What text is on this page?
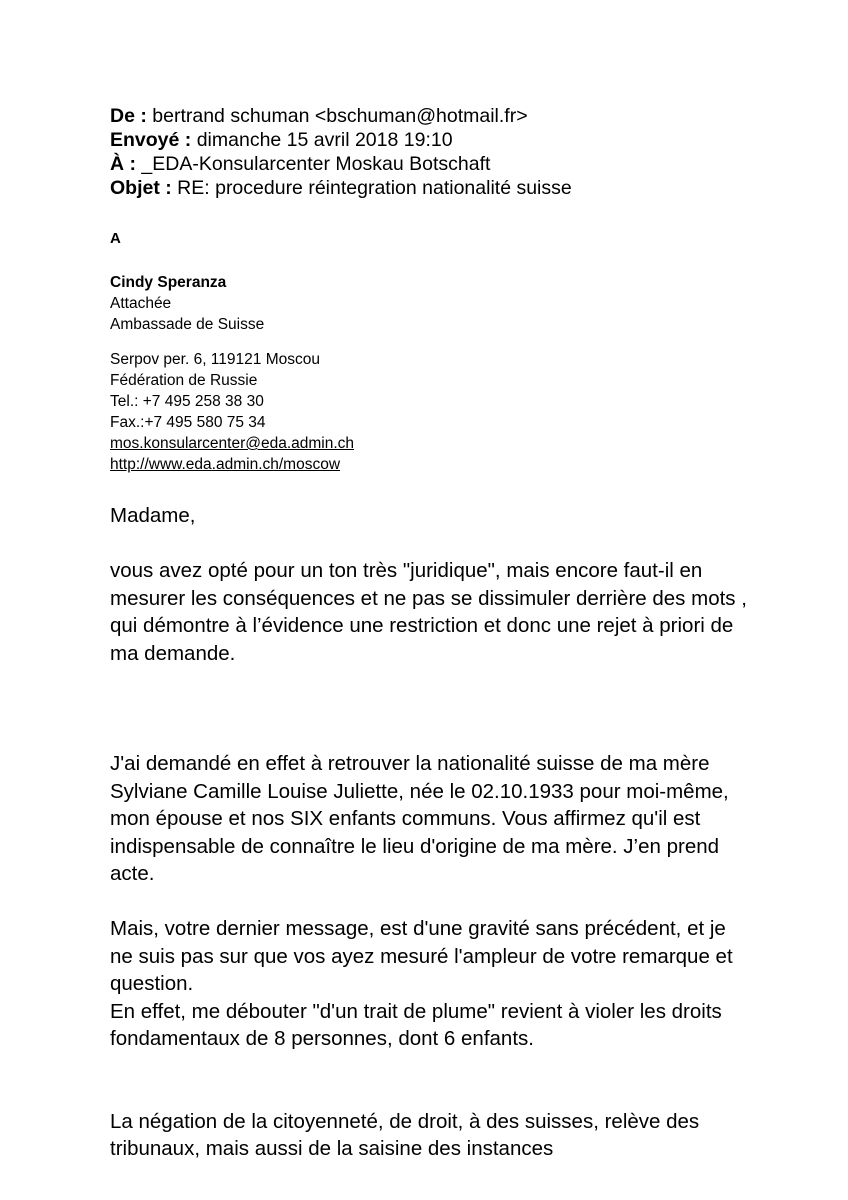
De : bertrand schuman <bschuman@hotmail.fr>
Envoyé : dimanche 15 avril 2018 19:10
À : _EDA-Konsularcenter Moskau Botschaft
Objet : RE: procedure réintegration nationalité suisse
A
Cindy Speranza
Attachée
Ambassade de Suisse
Serpov per. 6, 119121 Moscou
Fédération de Russie
Tel.: +7 495 258 38 30
Fax.:+7 495 580 75 34
mos.konsularcenter@eda.admin.ch
http://www.eda.admin.ch/moscow

Madame,

vous avez opté pour un ton très "juridique", mais encore faut-il en mesurer les conséquences et ne pas se dissimuler derrière des mots , qui démontre à l’évidence une restriction et donc une rejet à priori de ma demande.

J'ai demandé en effet à retrouver la nationalité suisse de ma mère Sylviane Camille Louise Juliette, née le 02.10.1933 pour moi-même, mon épouse et nos SIX enfants communs. Vous affirmez qu'il est indispensable de connaître le lieu d'origine de ma mère. J’en prend acte.

Mais, votre dernier message, est d'une gravité sans précédent, et je ne suis pas sur que vos ayez mesuré l'ampleur de votre remarque et question.

En effet, me débouter "d'un trait de plume" revient à violer les droits fondamentaux de 8 personnes, dont 6 enfants.

La négation de la citoyenneté, de droit, à des suisses, relève des tribunaux, mais aussi de la saisine des instances
